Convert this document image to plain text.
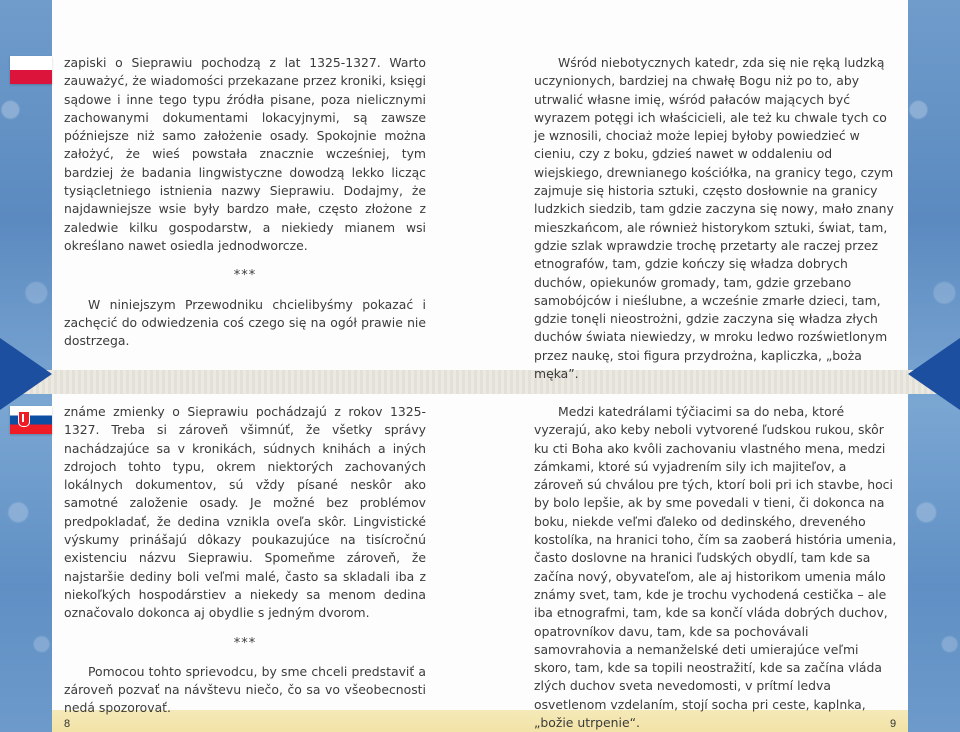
zapiski o Sieprawiu pochodzą z lat 1325-1327. Warto zauważyć, że wiadomości przekazane przez kroniki, księgi sądowe i inne tego typu źródła pisane, poza nielicznymi zachowanymi dokumentami lokacyjnymi, są zawsze późniejsze niż samo założenie osady. Spokojnie można założyć, że wieś powstała znacznie wcześniej, tym bardziej że badania lingwistyczne dowodzą lekko licząc tysiącletniego istnienia nazwy Sieprawiu. Dodajmy, że najdawniejsze wsie były bardzo małe, często złożone z zaledwie kilku gospodarstw, a niekiedy mianem wsi określano nawet osiedla jednodworcze.

***

W niniejszym Przewodniku chcielibyśmy pokazać i zachęcić do odwiedzenia coś czego się na ogół prawie nie dostrzega.

Wśród niebotycznych katedr, zda się nie ręką ludzką uczynionych, bardziej na chwałę Bogu niż po to, aby utrwalić własne imię, wśród pałaców mających być wyrazem potęgi ich właścicieli, ale też ku chwale tych co je wznosili, chociaż może lepiej byłoby powiedzieć w cieniu, czy z boku, gdzieś nawet w oddaleniu od wiejskiego, drewnianego kościółka, na granicy tego, czym zajmuje się historia sztuki, często dosłownie na granicy ludzkich siedzib, tam gdzie zaczyna się nowy, mało znany mieszkańcom, ale również historykom sztuki, świat, tam, gdzie szlak wprawdzie trochę przetarty ale raczej przez etnografów, tam, gdzie kończy się władza dobrych duchów, opiekunów gromady, tam, gdzie grzebano samobójców i nieślubne, a wcześnie zmarłe dzieci, tam, gdzie tonęli nieostrożni, gdzie zaczyna się władza złych duchów świata niewiedzy, w mroku ledwo rozświetlonym przez naukę, stoi figura przydrożna, kapliczka, „boża męka”.

známe zmienky o Sieprawiu pochádzajú z rokov 1325-1327. Treba si zároveň všimnúť, že všetky správy nachádzajúce sa v kronikách, súdnych knihách a iných zdrojoch tohto typu, okrem niektorých zachovaných lokálnych dokumentov, sú vždy písané neskôr ako samotné založenie osady. Je možné bez problémov predpokladať, že dedina vznikla oveľa skôr. Lingvistické výskumy prinášajú dôkazy poukazujúce na tisícročnú existenciu názvu Sieprawiu. Spomeňme zároveň, že najstaršie dediny boli veľmi malé, často sa skladali iba z niekoľkých hospodárstiev a niekedy sa menom dedina označovalo dokonca aj obydlie s jedným dvorom.

***

Pomocou tohto sprievodcu, by sme chceli predstaviť a zároveň pozvať na návštevu niečo, čo sa vo všeobecnosti nedá spozorovať.

Medzi katedrálami týčiacimi sa do neba, ktoré vyzerajú, ako keby neboli vytvorené ľudskou rukou, skôr ku cti Boha ako kvôli zachovaniu vlastného mena, medzi zámkami, ktoré sú vyjadrením sily ich majiteľov, a zároveň sú chválou pre tých, ktorí boli pri ich stavbe, hoci by bolo lepšie, ak by sme povedali v tieni, či dokonca na boku, niekde veľmi ďaleko od dedinského, dreveného kostolíka, na hranici toho, čím sa zaoberá história umenia, často doslovne na hranici ľudských obydlí, tam kde sa začína nový, obyvateľom, ale aj historikom umenia málo známy svet, tam, kde je trochu vychodená cestička – ale iba etnografmi, tam, kde sa končí vláda dobrých duchov, opatrovníkov davu, tam, kde sa pochovávali samovrahovia a nemanželské deti umierajúce veľmi skoro, tam, kde sa topili neostražití, kde sa začína vláda zlých duchov sveta nevedomosti, v prítmí ledva osvetlenom vzdelaním, stojí socha pri ceste, kaplnka, „božie utrpenie“.

8	9
